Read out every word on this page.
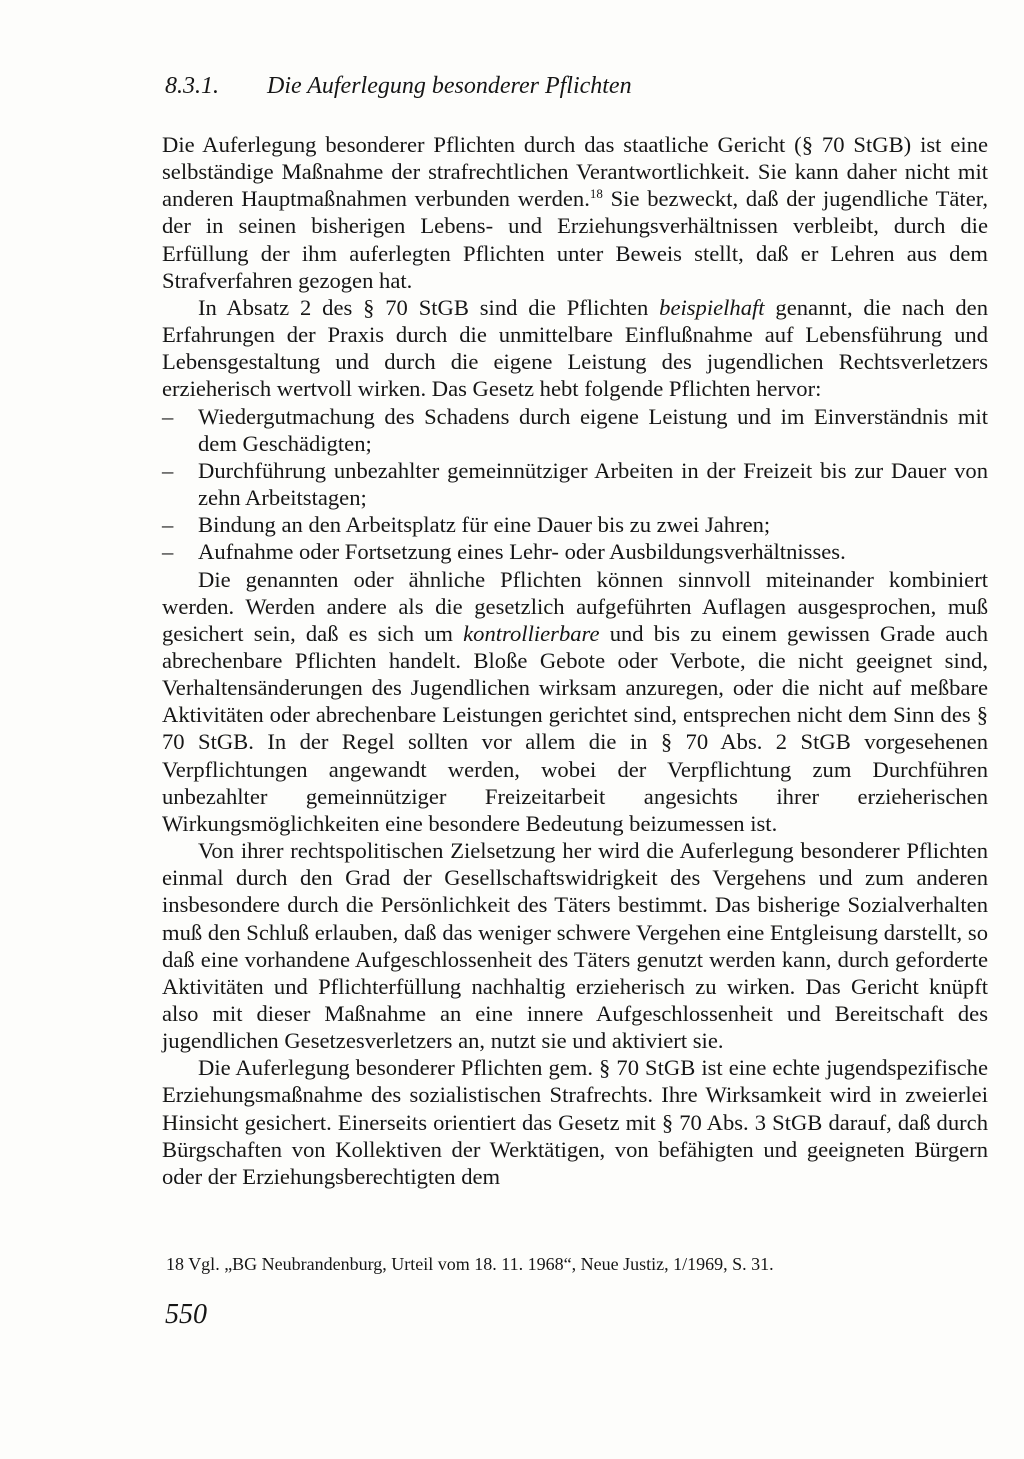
8.3.1. Die Auferlegung besonderer Pflichten

Die Auferlegung besonderer Pflichten durch das staatliche Gericht (§ 70 StGB) ist eine selbständige Maßnahme der strafrechtlichen Verantwortlichkeit. Sie kann daher nicht mit anderen Hauptmaßnahmen verbunden werden.$^{18}$ Sie bezweckt, daß der jugendliche Täter, der in seinen bisherigen Lebens- und Erziehungsverhältnissen verbleibt, durch die Erfüllung der ihm auferlegten Pflichten unter Beweis stellt, daß er Lehren aus dem Strafverfahren gezogen hat.

In Absatz 2 des § 70 StGB sind die Pflichten beispielhaft genannt, die nach den Erfahrungen der Praxis durch die unmittelbare Einflußnahme auf Lebensführung und Lebensgestaltung und durch die eigene Leistung des jugendlichen Rechtsverletzers erzieherisch wertvoll wirken. Das Gesetz hebt folgende Pflichten hervor:

– Wiedergutmachung des Schadens durch eigene Leistung und im Einverständnis mit dem Geschädigten;
– Durchführung unbezahlter gemeinnütziger Arbeiten in der Freizeit bis zur Dauer von zehn Arbeitstagen;
– Bindung an den Arbeitsplatz für eine Dauer bis zu zwei Jahren;
– Aufnahme oder Fortsetzung eines Lehr- oder Ausbildungsverhältnisses.

Die genannten oder ähnliche Pflichten können sinnvoll miteinander kombiniert werden. Werden andere als die gesetzlich aufgeführten Auflagen ausgesprochen, muß gesichert sein, daß es sich um kontrollierbare und bis zu einem gewissen Grade auch abrechenbare Pflichten handelt. Bloße Gebote oder Verbote, die nicht geeignet sind, Verhaltensänderungen des Jugendlichen wirksam anzuregen, oder die nicht auf meßbare Aktivitäten oder abrechenbare Leistungen gerichtet sind, entsprechen nicht dem Sinn des § 70 StGB. In der Regel sollten vor allem die in § 70 Abs. 2 StGB vorgesehenen Verpflichtungen angewandt werden, wobei der Verpflichtung zum Durchführen unbezahlter gemeinnütziger Freizeitarbeit angesichts ihrer erzieherischen Wirkungsmöglichkeiten eine besondere Bedeutung beizumessen ist.

Von ihrer rechtspolitischen Zielsetzung her wird die Auferlegung besonderer Pflichten einmal durch den Grad der Gesellschaftswidrigkeit des Vergehens und zum anderen insbesondere durch die Persönlichkeit des Täters bestimmt. Das bisherige Sozialverhalten muß den Schluß erlauben, daß das weniger schwere Vergehen eine Entgleisung darstellt, so daß eine vorhandene Aufgeschlossenheit des Täters genutzt werden kann, durch geforderte Aktivitäten und Pflichterfüllung nachhaltig erzieherisch zu wirken. Das Gericht knüpft also mit dieser Maßnahme an eine innere Aufgeschlossenheit und Bereitschaft des jugendlichen Gesetzesverletzers an, nutzt sie und aktiviert sie.

Die Auferlegung besonderer Pflichten gem. § 70 StGB ist eine echte jugendspezifische Erziehungsmaßnahme des sozialistischen Strafrechts. Ihre Wirksamkeit wird in zweierlei Hinsicht gesichert. Einerseits orientiert das Gesetz mit § 70 Abs. 3 StGB darauf, daß durch Bürgschaften von Kollektiven der Werktätigen, von befähigten und geeigneten Bürgern oder der Erziehungsberechtigten dem

18 Vgl. „BG Neubrandenburg, Urteil vom 18. 11. 1968“, Neue Justiz, 1/1969, S. 31.
550
